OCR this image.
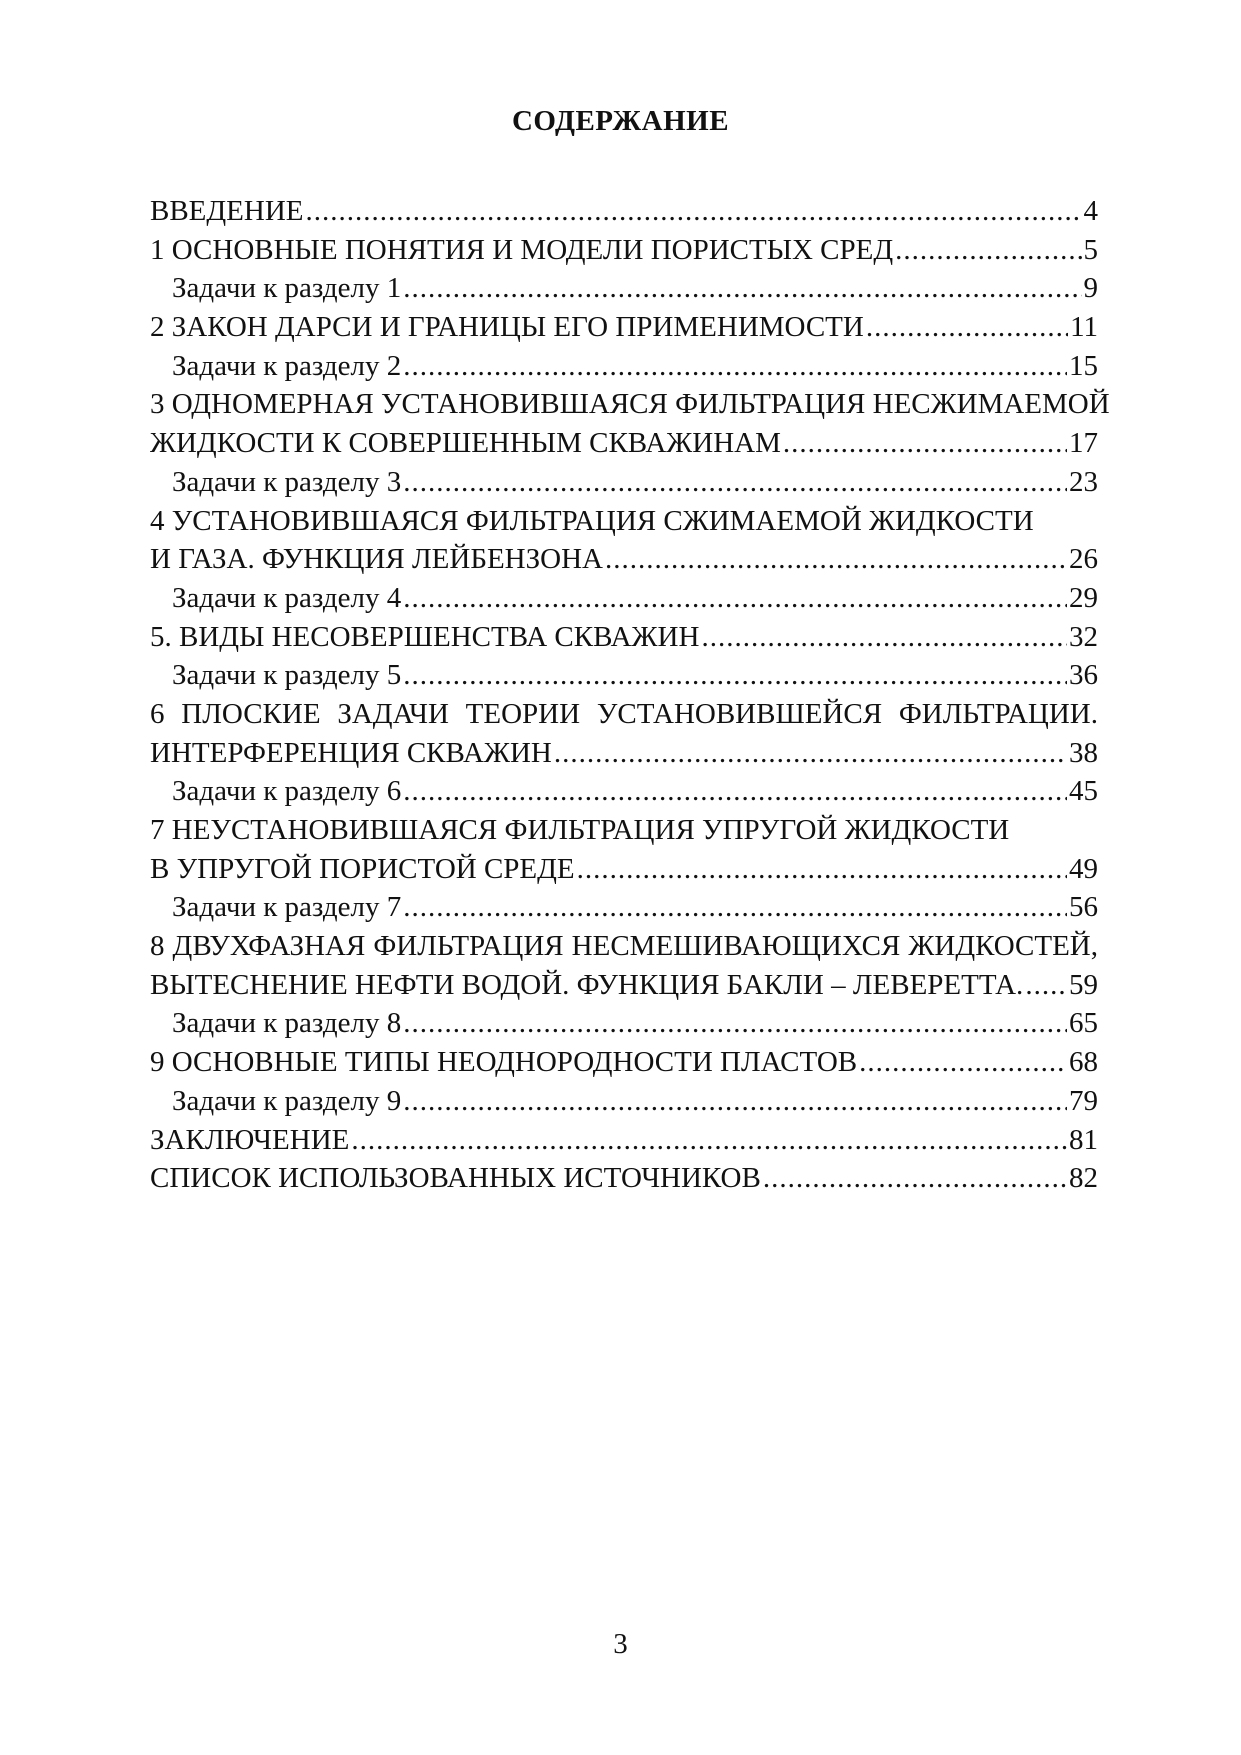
СОДЕРЖАНИЕ
ВВЕДЕНИЕ .....	4
1 ОСНОВНЫЕ ПОНЯТИЯ И МОДЕЛИ ПОРИСТЫХ СРЕД .....	5
Задачи к разделу 1 .....	9
2 ЗАКОН ДАРСИ И ГРАНИЦЫ ЕГО ПРИМЕНИМОСТИ .....	11
Задачи к разделу 2 .....	15
3 ОДНОМЕРНАЯ УСТАНОВИВШАЯСЯ ФИЛЬТРАЦИЯ НЕСЖИМАЕМОЙ
ЖИДКОСТИ К СОВЕРШЕННЫМ СКВАЖИНАМ .....	17
Задачи к разделу 3 .....	23
4 УСТАНОВИВШАЯСЯ ФИЛЬТРАЦИЯ СЖИМАЕМОЙ ЖИДКОСТИ
И ГАЗА. ФУНКЦИЯ ЛЕЙБЕНЗОНА .....	26
Задачи к разделу 4 .....	29
5. ВИДЫ НЕСОВЕРШЕНСТВА СКВАЖИН .....	32
Задачи к разделу 5 .....	36
6 ПЛОСКИЕ ЗАДАЧИ ТЕОРИИ УСТАНОВИВШЕЙСЯ ФИЛЬТРАЦИИ.
ИНТЕРФЕРЕНЦИЯ СКВАЖИН .....	38
Задачи к разделу 6 .....	45
7 НЕУСТАНОВИВШАЯСЯ ФИЛЬТРАЦИЯ УПРУГОЙ ЖИДКОСТИ
В УПРУГОЙ ПОРИСТОЙ СРЕДЕ .....	49
Задачи к разделу 7 .....	56
8 ДВУХФАЗНАЯ ФИЛЬТРАЦИЯ НЕСМЕШИВАЮЩИХСЯ ЖИДКОСТЕЙ,
ВЫТЕСНЕНИЕ НЕФТИ ВОДОЙ. ФУНКЦИЯ БАКЛИ – ЛЕВЕРЕТТА. ..... 59
Задачи к разделу 8 .....	65
9 ОСНОВНЫЕ ТИПЫ НЕОДНОРОДНОСТИ ПЛАСТОВ .....	68
Задачи к разделу 9 .....	79
ЗАКЛЮЧЕНИЕ .....	81
СПИСОК ИСПОЛЬЗОВАННЫХ ИСТОЧНИКОВ .....	82
3
